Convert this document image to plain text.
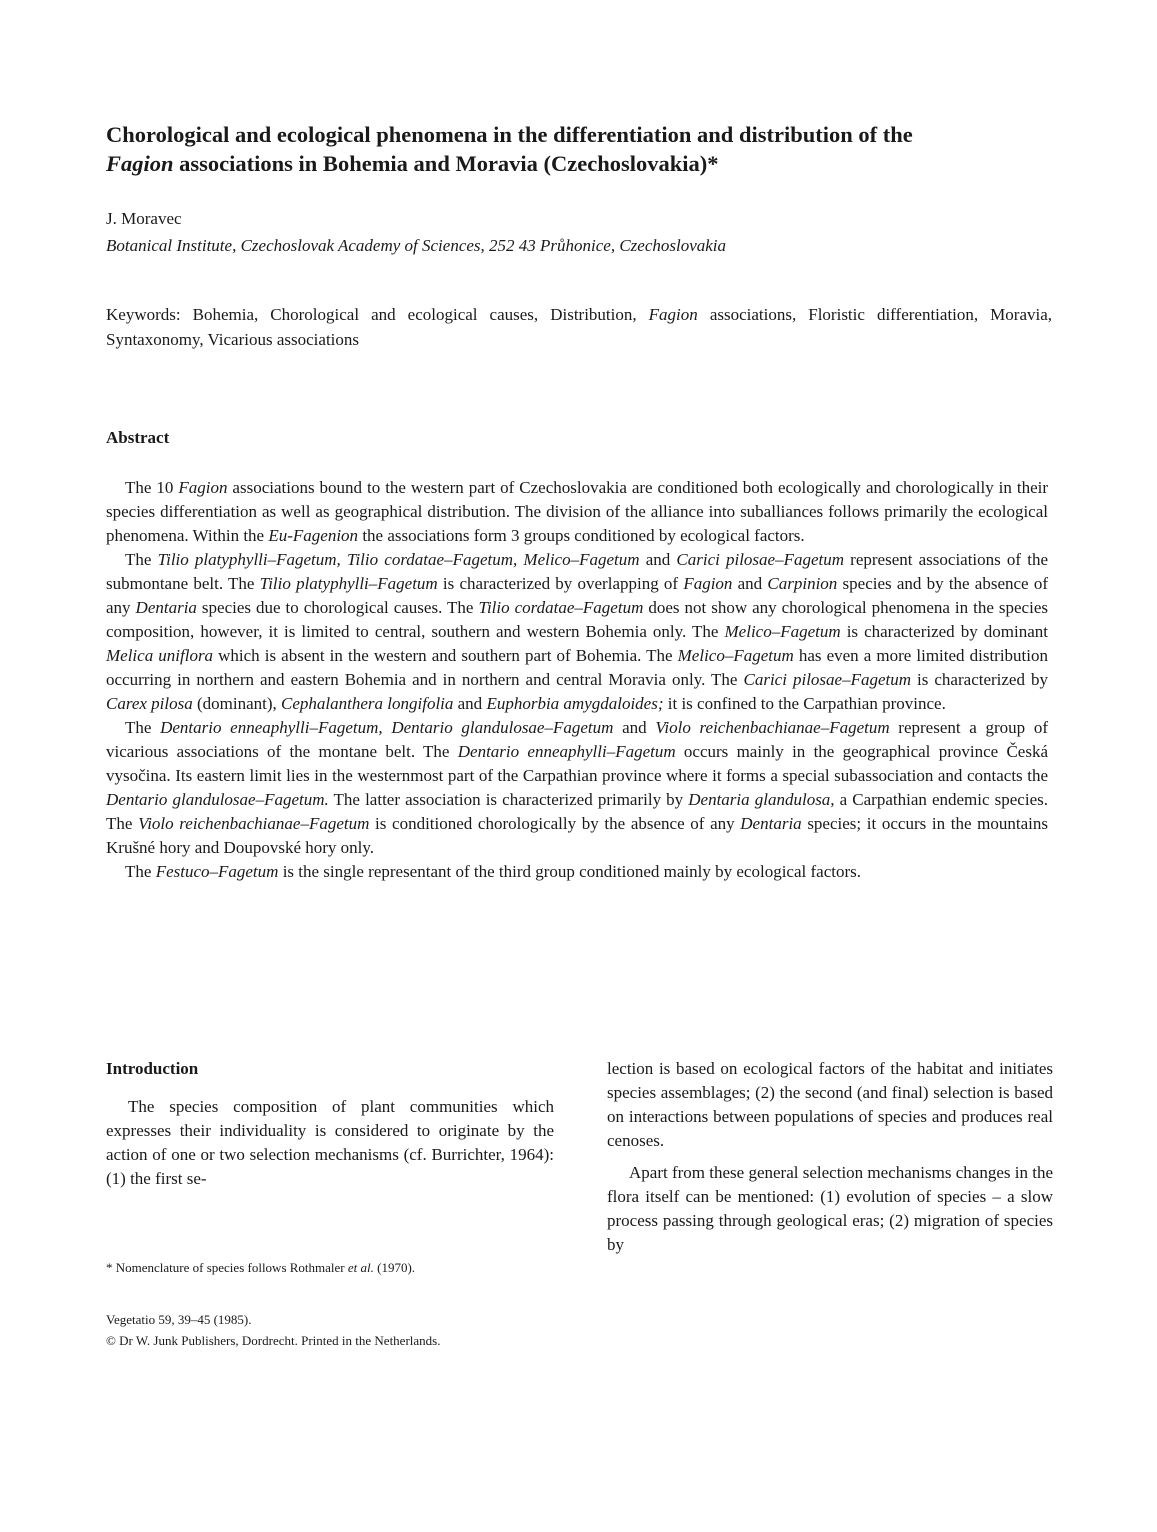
Chorological and ecological phenomena in the differentiation and distribution of the
Fagion associations in Bohemia and Moravia (Czechoslovakia)*

J. Moravec

Botanical Institute, Czechoslovak Academy of Sciences, 252 43 Průhonice, Czechoslovakia

Keywords: Bohemia, Chorological and ecological causes, Distribution, Fagion associations, Floristic differentiation, Moravia, Syntaxonomy, Vicarious associations

Abstract

The 10 Fagion associations bound to the western part of Czechoslovakia are conditioned both ecologically and chorologically in their species differentiation as well as geographical distribution. The division of the alliance into suballiances follows primarily the ecological phenomena. Within the Eu-Fagenion the associations form 3 groups conditioned by ecological factors.

The Tilio platyphylli–Fagetum, Tilio cordatae–Fagetum, Melico–Fagetum and Carici pilosae–Fagetum represent associations of the submontane belt. The Tilio platyphylli–Fagetum is characterized by overlapping of Fagion and Carpinion species and by the absence of any Dentaria species due to chorological causes. The Tilio cordatae–Fagetum does not show any chorological phenomena in the species composition, however, it is limited to central, southern and western Bohemia only. The Melico–Fagetum is characterized by dominant Melica uniflora which is absent in the western and southern part of Bohemia. The Melico–Fagetum has even a more limited distribution occurring in northern and eastern Bohemia and in northern and central Moravia only. The Carici pilosae–Fagetum is characterized by Carex pilosa (dominant), Cephalanthera longifolia and Euphorbia amygdaloides; it is confined to the Carpathian province.

The Dentario enneaphylli–Fagetum, Dentario glandulosae–Fagetum and Violo reichenbachianae–Fagetum represent a group of vicarious associations of the montane belt. The Dentario enneaphylli–Fagetum occurs mainly in the geographical province Česká vysočina. Its eastern limit lies in the westernmost part of the Carpathian province where it forms a special subassociation and contacts the Dentario glandulosae–Fagetum. The latter association is characterized primarily by Dentaria glandulosa, a Carpathian endemic species. The Violo reichenbachianae–Fagetum is conditioned chorologically by the absence of any Dentaria species; it occurs in the mountains Krušné hory and Doupovské hory only.

The Festuco–Fagetum is the single representant of the third group conditioned mainly by ecological factors.

Introduction

The species composition of plant communities which expresses their individuality is considered to originate by the action of one or two selection mechanisms (cf. Burrichter, 1964): (1) the first se-

lection is based on ecological factors of the habitat and initiates species assemblages; (2) the second (and final) selection is based on interactions between populations of species and produces real cenoses.

Apart from these general selection mechanisms changes in the flora itself can be mentioned: (1) evolution of species – a slow process passing through geological eras; (2) migration of species by

* Nomenclature of species follows Rothmaler et al. (1970).

Vegetatio 59, 39–45 (1985).

© Dr W. Junk Publishers, Dordrecht. Printed in the Netherlands.
